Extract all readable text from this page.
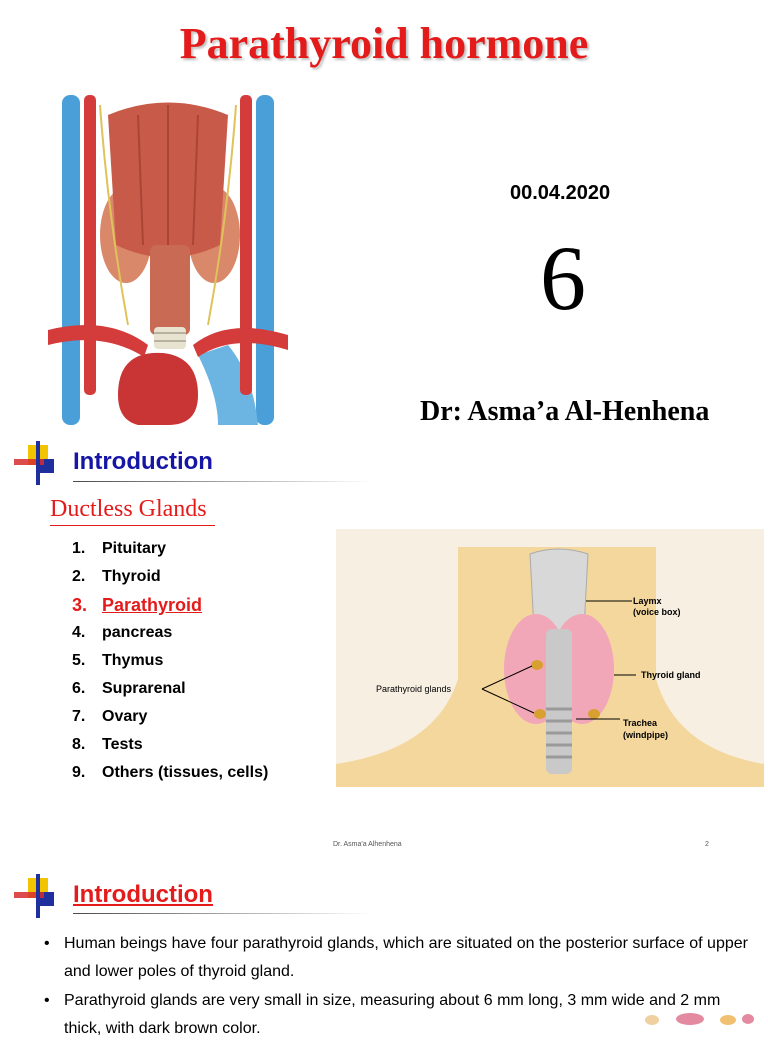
Parathyroid hormone
00.04.2020
6
Dr: Asma’a Al-Henhena
Introduction
Ductless Glands
1.	Pituitary
2.	Thyroid
3. Parathyroid
4.	pancreas
5.	Thymus
6.	Suprarenal
7.	Ovary
8.	Tests
9.	Others (tissues, cells)
Laymx
(voice box)
Thyroid gland
Parathyroid glands
Trachea
(windpipe)
Dr. Asma'a Alhenhena	2
Introduction
• Human beings have four parathyroid glands, which are situated on the posterior surface of upper and lower poles of thyroid gland.
• Parathyroid glands are very small in size, measuring about 6 mm long, 3 mm wide and 2 mm thick, with dark brown color.
